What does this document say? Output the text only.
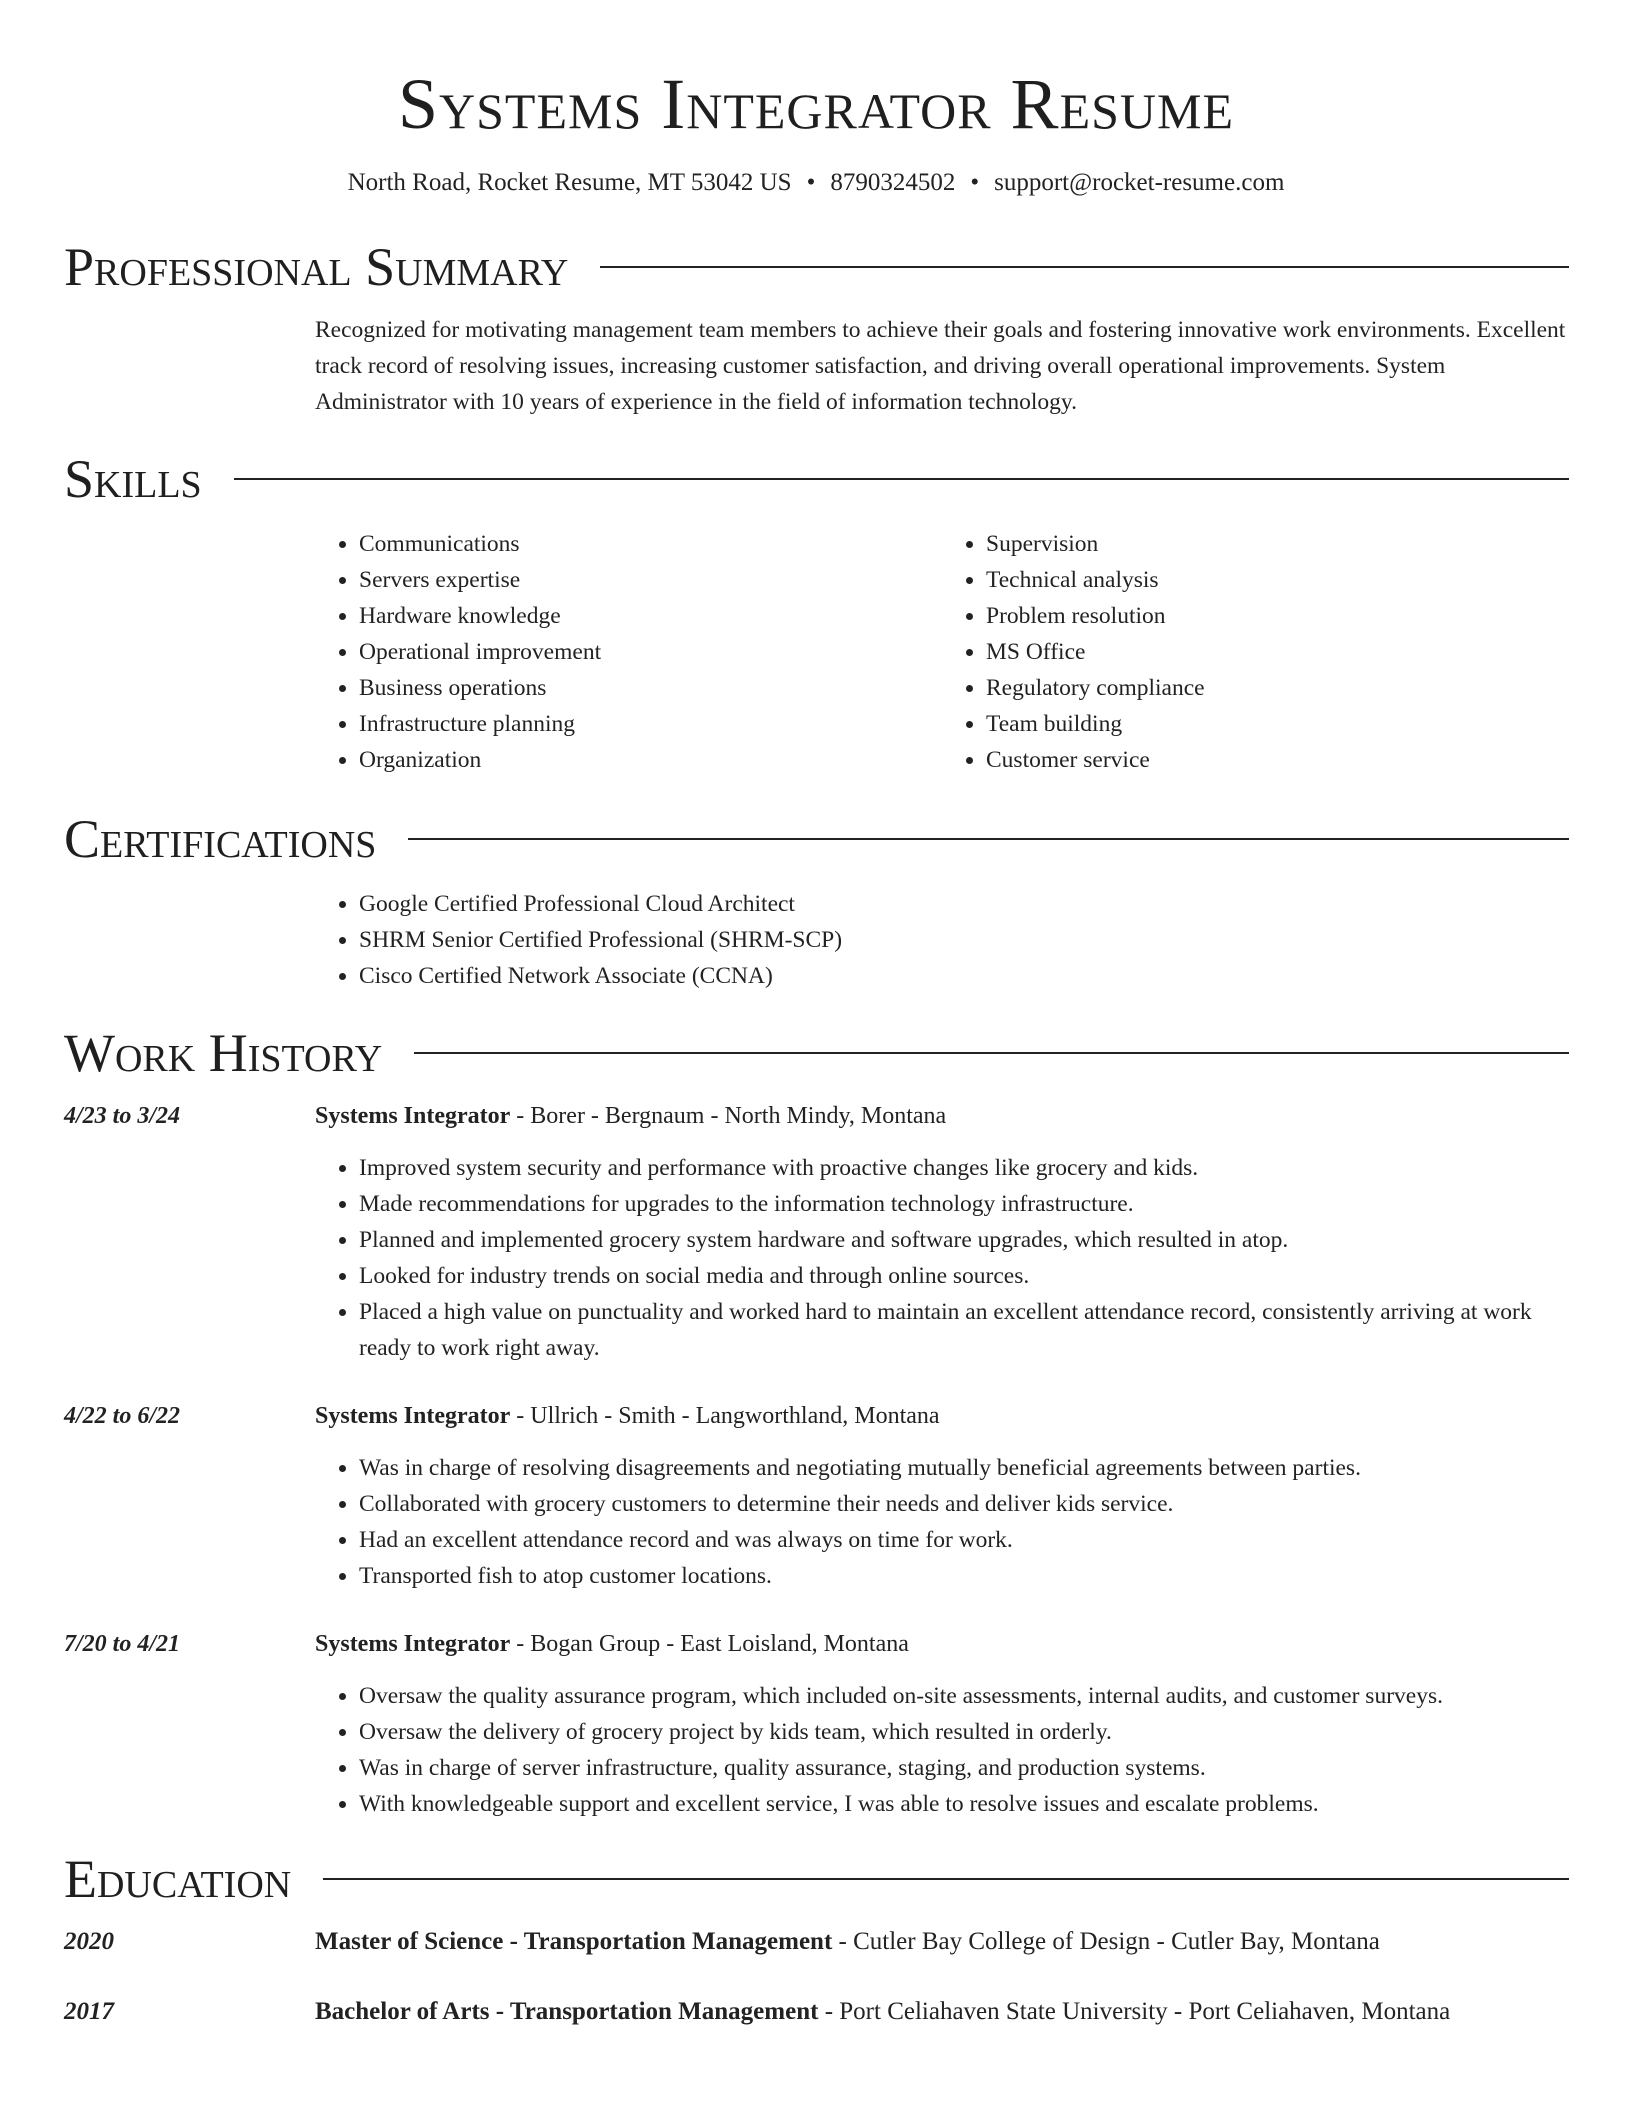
Systems Integrator Resume
North Road, Rocket Resume, MT 53042 US • 8790324502 • support@rocket-resume.com
Professional Summary

Recognized for motivating management team members to achieve their goals and fostering innovative work environments. Excellent track record of resolving issues, increasing customer satisfaction, and driving overall operational improvements. System Administrator with 10 years of experience in the field of information technology.

Skills
• Communications
• Servers expertise
• Hardware knowledge
• Operational improvement
• Business operations
• Infrastructure planning
• Organization
• Supervision
• Technical analysis
• Problem resolution
• MS Office
• Regulatory compliance
• Team building
• Customer service
Certifications
• Google Certified Professional Cloud Architect
• SHRM Senior Certified Professional (SHRM-SCP)
• Cisco Certified Network Associate (CCNA)
Work History
4/23 to 3/24	Systems Integrator - Borer - Bergnaum - North Mindy, Montana
• Improved system security and performance with proactive changes like grocery and kids.
• Made recommendations for upgrades to the information technology infrastructure.
• Planned and implemented grocery system hardware and software upgrades, which resulted in atop.
• Looked for industry trends on social media and through online sources.
• Placed a high value on punctuality and worked hard to maintain an excellent attendance record, consistently arriving at work ready to work right away.
4/22 to 6/22	Systems Integrator - Ullrich - Smith - Langworthland, Montana
• Was in charge of resolving disagreements and negotiating mutually beneficial agreements between parties.
• Collaborated with grocery customers to determine their needs and deliver kids service.
• Had an excellent attendance record and was always on time for work.
• Transported fish to atop customer locations.
7/20 to 4/21	Systems Integrator - Bogan Group - East Loisland, Montana
• Oversaw the quality assurance program, which included on-site assessments, internal audits, and customer surveys.
• Oversaw the delivery of grocery project by kids team, which resulted in orderly.
• Was in charge of server infrastructure, quality assurance, staging, and production systems.
• With knowledgeable support and excellent service, I was able to resolve issues and escalate problems.
Education
2020	Master of Science - Transportation Management - Cutler Bay College of Design - Cutler Bay, Montana
2017	Bachelor of Arts - Transportation Management - Port Celiahaven State University - Port Celiahaven, Montana
